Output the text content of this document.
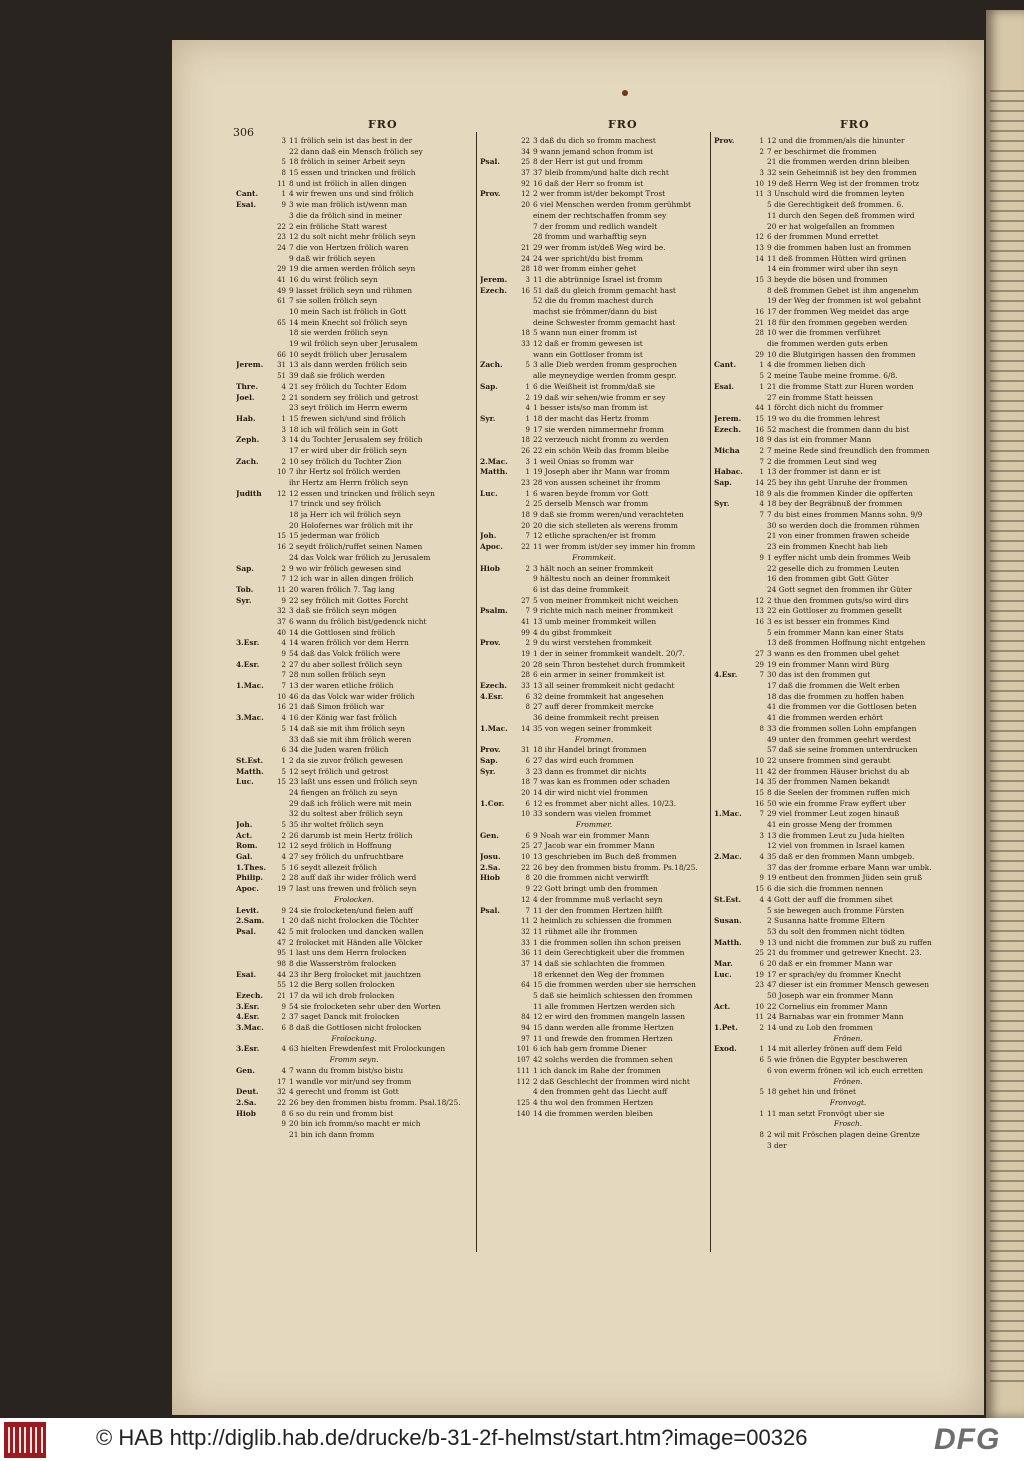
306
FRO	FRO	FRO
3 11 frölich sein ist das best in der
22 dann daß ein Mensch frölich sey
5 18 frölich in seiner Arbeit seyn
8 15 essen und trincken und frölich
11 8 und ist frölich in allen dingen
Cant.	1 4 wir frewen uns und sind frölich
Esai.	9 3 wie man frölich ist/wenn man
3 die da frölich sind in meiner
22 2 ein fröliche Statt warest
23 12 du solt nicht mehr frölich seyn
24 7 die von Hertzen frölich waren
9 daß wir frölich seyen
29 19 die armen werden frölich seyn
41 16 du wirst frölich seyn
49 9 lasset frölich seyn und rühmen
61 7 sie sollen frölich seyn
10 mein Sach ist frölich in Gott
65 14 mein Knecht sol frölich seyn
18 sie werden frölich seyn
19 wil frölich seyn uber Jerusalem
66 10 seydt frölich uber Jerusalem
Jerem.	31 13 als dann werden frölich sein
51 39 daß sie frölich werden
Thre.	4 21 sey frölich du Tochter Edom
Joel.	2 21 sondern sey frölich und getrost
23 seyt frölich im Herrn ewerm
Hab.	1 15 frewen sich/und sind frölich
3 18 ich wil frölich sein in Gott
Zeph.	3 14 du Tochter Jerusalem sey frölich
17 er wird uber dir frölich seyn
Zach.	2 10 sey frölich du Tochter Zion
10 7 ihr Hertz sol frölich werden
ihr Hertz am Herrn frölich seyn
Judith	12 12 essen und trincken und frölich seyn
17 trinck und sey frölich
18 ja Herr ich wil frölich seyn
20 Holofernes war frölich mit ihr
15 15 jederman war frölich
16 2 seydt frölich/ruffet seinen Namen
24 das Volck war frölich zu Jerusalem
Sap.	2 9 wo wir frölich gewesen sind
7 12 ich war in allen dingen frölich
Tob.	11 20 waren frölich 7. Tag lang
Syr.	9 22 sey frölich mit Gottes Forcht
32 3 daß sie frölich seyn mögen
37 6 wann du frölich bist/gedenck nicht
40 14 die Gottlosen sind frölich
3.Esr.	4 14 waren frölich vor dem Herrn
9 54 daß das Volck frölich were
4.Esr.	2 27 du aber sollest frölich seyn
7 28 nun sollen frölich seyn
1.Mac.	7 13 der waren etliche frölich
10 46 da das Volck war wider frölich
16 21 daß Simon frölich war
3.Mac.	4 16 der König war fast frölich
5 14 daß sie mit ihm frölich seyn
33 daß sie mit ihm frölich weren
6 34 die Juden waren frölich
St.Est.	1 2 da sie zuvor frölich gewesen
Matth.	5 12 seyt frölich und getrost
Luc.	15 23 laßt uns essen und frölich seyn
24 fiengen an frölich zu seyn
29 daß ich frölich were mit mein
32 du soltest aber frölich seyn
Joh.	5 35 ihr woltet frölich seyn
Act.	2 26 darumb ist mein Hertz frölich
Rom.	12 12 seyd frölich in Hoffnung
Gal.	4 27 sey frölich du unfruchtbare
1.Thes.	5 16 seydt allezeit frölich
Philip.	2 28 auff daß ihr wider frölich werd
Apoc.	19 7 last uns frewen und frölich seyn
Frolocken.
Levit.	9 24 sie frolocketen/und fielen auff
2.Sam.	1 20 daß nicht frolocken die Töchter
Psal.	42 5 mit frolocken und dancken wallen
47 2 frolocket mit Händen alle Völcker
95 1 last uns dem Herrn frolocken
98 8 die Wasserström frolocken
Esai.	44 23 ihr Berg frolocket mit jauchtzen
55 12 die Berg sollen frolocken
Ezech.	21 17 da wil ich drob frolocken
3.Esr.	9 54 sie frolocketen sehr uber den Worten
4.Esr.	2 37 saget Danck mit frolocken
3.Mac.	6 8 daß die Gottlosen nicht frolocken
Frolockung.
3.Esr.	4 63 hielten Frewdenfest mit Frolockungen
Fromm seyn.
Gen.	4 7 wann du fromm bist/so bistu
17 1 wandle vor mir/und sey fromm
Deut.	32 4 gerecht und fromm ist Gott
2.Sa.	22 26 bey den frommen bistu fromm. Psal.18/25.
Hiob	8 6 so du rein und fromm bist
9 20 bin ich fromm/so macht er mich
21 bin ich dann fromm
22 3 daß du dich so fromm machest
34 9 wann jemand schon fromm ist
Psal.	25 8 der Herr ist gut und fromm
37 37 bleib fromm/und halte dich recht
92 16 daß der Herr so fromm ist
Prov.	12 2 wer fromm ist/der bekompt Trost
20 6 viel Menschen werden fromm gerühmbt
einem der rechtschaffen fromm sey
7 der fromm und redlich wandelt
28 fromm und warhafftig seyn
21 29 wer fromm ist/deß Weg wird be.
24 24 wer spricht/du bist fromm
28 18 wer fromm einher gehet
Jerem.	3 11 die abtrünnige Israel ist fromm
Ezech.	16 51 daß du gleich fromm gemacht hast
52 die du fromm machest durch
machst sie frömmer/dann du bist
deine Schwester fromm gemacht hast
18 5 wann nun einer fromm ist
33 12 daß er fromm gewesen ist
wann ein Gottloser fromm ist
Zach.	5 3 alle Dieb werden fromm gesprochen
alle meyneydige werden fromm gespr.
Sap.	1 6 die Weißheit ist fromm/daß sie
2 19 daß wir sehen/wie fromm er sey
4 1 besser ists/so man fromm ist
Syr.	1 18 der macht das Hertz fromm
9 17 sie werden nimmermehr fromm
18 22 verzeuch nicht fromm zu werden
26 22 ein schön Weib das fromm bleibe
2.Mac.	3 1 weil Onias so fromm war
Matth.	1 19 Joseph aber ihr Mann war fromm
23 28 von aussen scheinet ihr fromm
Luc.	1 6 waren beyde fromm vor Gott
2 25 derselb Mensch war fromm
18 9 daß sie fromm weren/und verachteten
20 20 die sich stelleten als werens fromm
Joh.	7 12 etliche sprachen/er ist fromm
Apoc.	22 11 wer fromm ist/der sey immer hin fromm
Frommkeit.
Hiob	2 3 hält noch an seiner frommkeit
9 hältestu noch an deiner frommkeit
6 ist das deine frommkeit
27 5 von meiner frommkeit nicht weichen
Psalm.	7 9 richte mich nach meiner frommkeit
41 13 umb meiner frommkeit willen
99 4 du gibst frommkeit
Prov.	2 9 du wirst verstehen frommkeit
19 1 der in seiner frommkeit wandelt. 20/7.
20 28 sein Thron bestehet durch frommkeit
28 6 ein armer in seiner frommkeit ist
Ezech.	33 13 all seiner frommkeit nicht gedacht
4.Esr.	6 32 deine frommkeit hat angesehen
8 27 auff derer frommkeit mercke
36 deine frommkeit recht preisen
1.Mac.	14 35 von wegen seiner frommkeit
Frommen.
Prov.	31 18 ihr Handel bringt frommen
Sap.	6 27 das wird euch frommen
Syr.	3 23 dann es frommet dir nichts
18 7 was kan es frommen oder schaden
20 14 dir wird nicht viel frommen
1.Cor.	6 12 es frommet aber nicht alles. 10/23.
10 33 sondern was vielen frommet
Frommer.
Gen.	6 9 Noah war ein frommer Mann
25 27 Jacob war ein frommer Mann
Josu.	10 13 geschrieben im Buch deß frommen
2.Sa.	22 26 bey den frommen bistu fromm. Ps.18/25.
Hiob	8 20 die frommen nicht verwirfft
9 22 Gott bringt umb den frommen
12 4 der frommme muß verlacht seyn
Psal.	7 11 der den frommen Hertzen hilfft
11 2 heimlich zu schiessen die frommen
32 11 rühmet alle ihr frommen
33 1 die frommen sollen ihn schon preisen
36 11 dein Gerechtigkeit uber die frommen
37 14 daß sie schlachten die frommen
18 erkennet den Weg der frommen
64 15 die frommen werden uber sie herrschen
5 daß sie heimlich schiessen den frommen
11 alle frommen Hertzen werden sich
84 12 er wird den frommen mangeln lassen
94 15 dann werden alle fromme Hertzen
97 11 und frewde den frommen Hertzen
101 6 ich hab gern fromme Diener
107 42 solchs werden die frommen sehen
111 1 ich danck im Rahe der frommen
112 2 daß Geschlecht der frommen wird nicht
4 den frommen geht das Liecht auff
125 4 thu wol den frommen Hertzen
140 14 die frommen werden bleiben
Prov.	1 12 und die frommen/als die hinunter
2 7 er beschirmet die frommen
21 die frommen werden drinn bleiben
3 32 sein Geheimniß ist bey den frommen
10 19 deß Herrn Weg ist der frommen trotz
11 3 Unschuld wird die frommen leyten
5 die Gerechtigkeit deß frommen. 6.
11 durch den Segen deß frommen wird
20 er hat wolgefallen an frommen
12 6 der frommen Mund errettet
13 9 die frommen haben lust an frommen
14 11 deß frommen Hütten wird grünen
14 ein frommer wird uber ihn seyn
15 3 beyde die bösen und frommen
8 deß frommen Gebet ist ihm angenehm
19 der Weg der frommen ist wol gebahnt
16 17 der frommen Weg meidet das arge
21 18 für den frommen gegeben werden
28 10 wer die frommen verführet
die frommen werden guts erben
29 10 die Blutgirigen hassen den frommen
Cant.	1 4 die frommen lieben dich
5 2 meine Taube meine fromme. 6/8.
Esai.	1 21 die fromme Statt zur Huren worden
27 ein fromme Statt heissen
44 1 förcht dich nicht du frommer
Jerem.	15 19 wo du die frommen lehrest
Ezech.	16 52 machest die frommen dann du bist
18 9 das ist ein frommer Mann
Micha	2 7 meine Rede sind freundlich den frommen
7 2 die frommen Leut sind weg
Habac.	1 13 der frommer ist dann er ist
Sap.	14 25 bey ihn geht Unruhe der frommen
18 9 als die frommen Kinder die opfferten
Syr.	4 18 bey der Begräbnuß der frommen
7 7 du bist eines frommen Manns sohn. 9/9
30 so werden doch die frommen rühmen
21 von einer frommen frawen scheide
23 ein frommen Knecht hab lieb
9 1 eyffer nicht umb dein frommes Weib
22 geselle dich zu frommen Leuten
16 den frommen gibt Gott Güter
24 Gott segnet den frommen ihr Güter
12 2 thue den frommen guts/so wird dirs
13 22 ein Gottloser zu frommen gesellt
16 3 es ist besser ein frommes Kind
5 ein frommer Mann kan einer Stats
13 deß frommen Hoffnung nicht entgehen
27 3 wann es den frommen ubel gehet
29 19 ein frommer Mann wird Bürg
4.Esr.	7 30 das ist den frommen gut
17 daß die frommen die Welt erben
18 das die frommen zu hoffen haben
41 die frommen vor die Gottlosen beten
41 die frommen werden erhört
8 33 die frommen sollen Lohn empfangen
49 unter den frommen geehrt werdest
57 daß sie seine frommen unterdrucken
10 22 unsere frommen sind geraubt
11 42 der frommen Häuser brichst du ab
14 35 der frommen Namen bekandt
15 8 die Seelen der frommen ruffen mich
16 50 wie ein fromme Fraw eyffert uber
1.Mac.	7 29 viel frommer Leut zogen hinauß
41 ein grosse Meng der frommen
3 13 die frommen Leut zu Juda hielten
12 viel von frommen in Israel kamen
2.Mac.	4 35 daß er den frommen Mann umbgeb.
37 das der fromme erbare Mann war umbk.
9 19 entbeut den frommen Jüden sein gruß
15 6 die sich die frommen nennen
St.Est.	4 4 Gott der auff die frommen sihet
5 sie bewegen auch fromme Fürsten
Susan.	2 Susanna hatte fromme Eltern
53 du solt den frommen nicht tödten
Matth.	9 13 und nicht die frommen zur buß zu ruffen
25 21 du frommer und getrewer Knecht. 23.
Mar.	6 20 daß er ein frommer Mann war
Luc.	19 17 er sprach/ey du frommer Knecht
23 47 dieser ist ein frommer Mensch gewesen
50 Joseph war ein frommer Mann
Act.	10 22 Cornelius ein frommer Mann
11 24 Barnabas war ein frommer Mann
1.Pet.	2 14 und zu Lob den frommen
Frönen.
Exod.	1 14 mit allerley frönen auff dem Feld
6 5 wie frönen die Egypter beschweren
6 von ewerm frönen wil ich euch erretten
Frönen.
5 18 gehet hin und frönet
Fronvogt.
1 11 man setzt Fronvögt uber sie
Frosch.
8 2 wil mit Fröschen plagen deine Grentze
3 der
© HAB http://diglib.hab.de/drucke/b-31-2f-helmst/start.htm?image=00326	DFG
